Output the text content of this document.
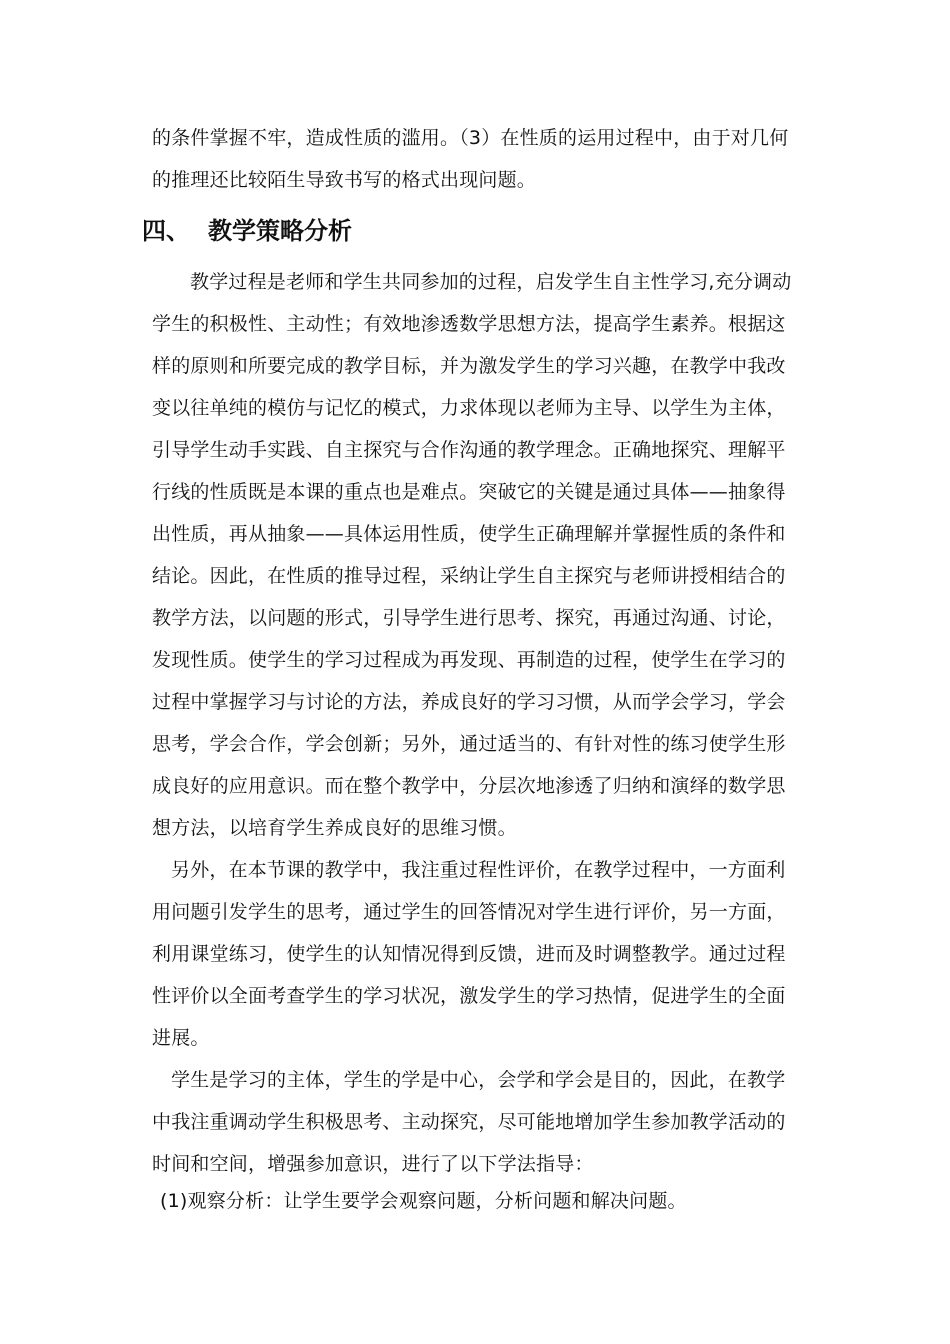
的条件掌握不牢，造成性质的滥用。（3）在性质的运用过程中，由于对几何
的推理还比较陌生导致书写的格式出现问题。
四、 教学策略分析
教学过程是老师和学生共同参加的过程，启发学生自主性学习,充分调动
学生的积极性、主动性；有效地渗透数学思想方法，提高学生素养。根据这
样的原则和所要完成的教学目标，并为激发学生的学习兴趣，在教学中我改
变以往单纯的模仿与记忆的模式，力求体现以老师为主导、以学生为主体，
引导学生动手实践、自主探究与合作沟通的教学理念。正确地探究、理解平
行线的性质既是本课的重点也是难点。突破它的关键是通过具体——抽象得
出性质，再从抽象——具体运用性质，使学生正确理解并掌握性质的条件和
结论。因此，在性质的推导过程，采纳让学生自主探究与老师讲授相结合的
教学方法，以问题的形式，引导学生进行思考、探究，再通过沟通、讨论，
发现性质。使学生的学习过程成为再发现、再制造的过程，使学生在学习的
过程中掌握学习与讨论的方法，养成良好的学习习惯，从而学会学习，学会
思考，学会合作，学会创新；另外，通过适当的、有针对性的练习使学生形
成良好的应用意识。而在整个教学中，分层次地渗透了归纳和演绎的数学思
想方法，以培育学生养成良好的思维习惯。
另外，在本节课的教学中，我注重过程性评价，在教学过程中，一方面利
用问题引发学生的思考，通过学生的回答情况对学生进行评价，另一方面，
利用课堂练习，使学生的认知情况得到反馈，进而及时调整教学。通过过程
性评价以全面考查学生的学习状况，激发学生的学习热情，促进学生的全面
进展。
学生是学习的主体，学生的学是中心，会学和学会是目的，因此，在教学
中我注重调动学生积极思考、主动探究，尽可能地增加学生参加教学活动的
时间和空间，增强参加意识，进行了以下学法指导：
(1)观察分析：让学生要学会观察问题，分析问题和解决问题。
